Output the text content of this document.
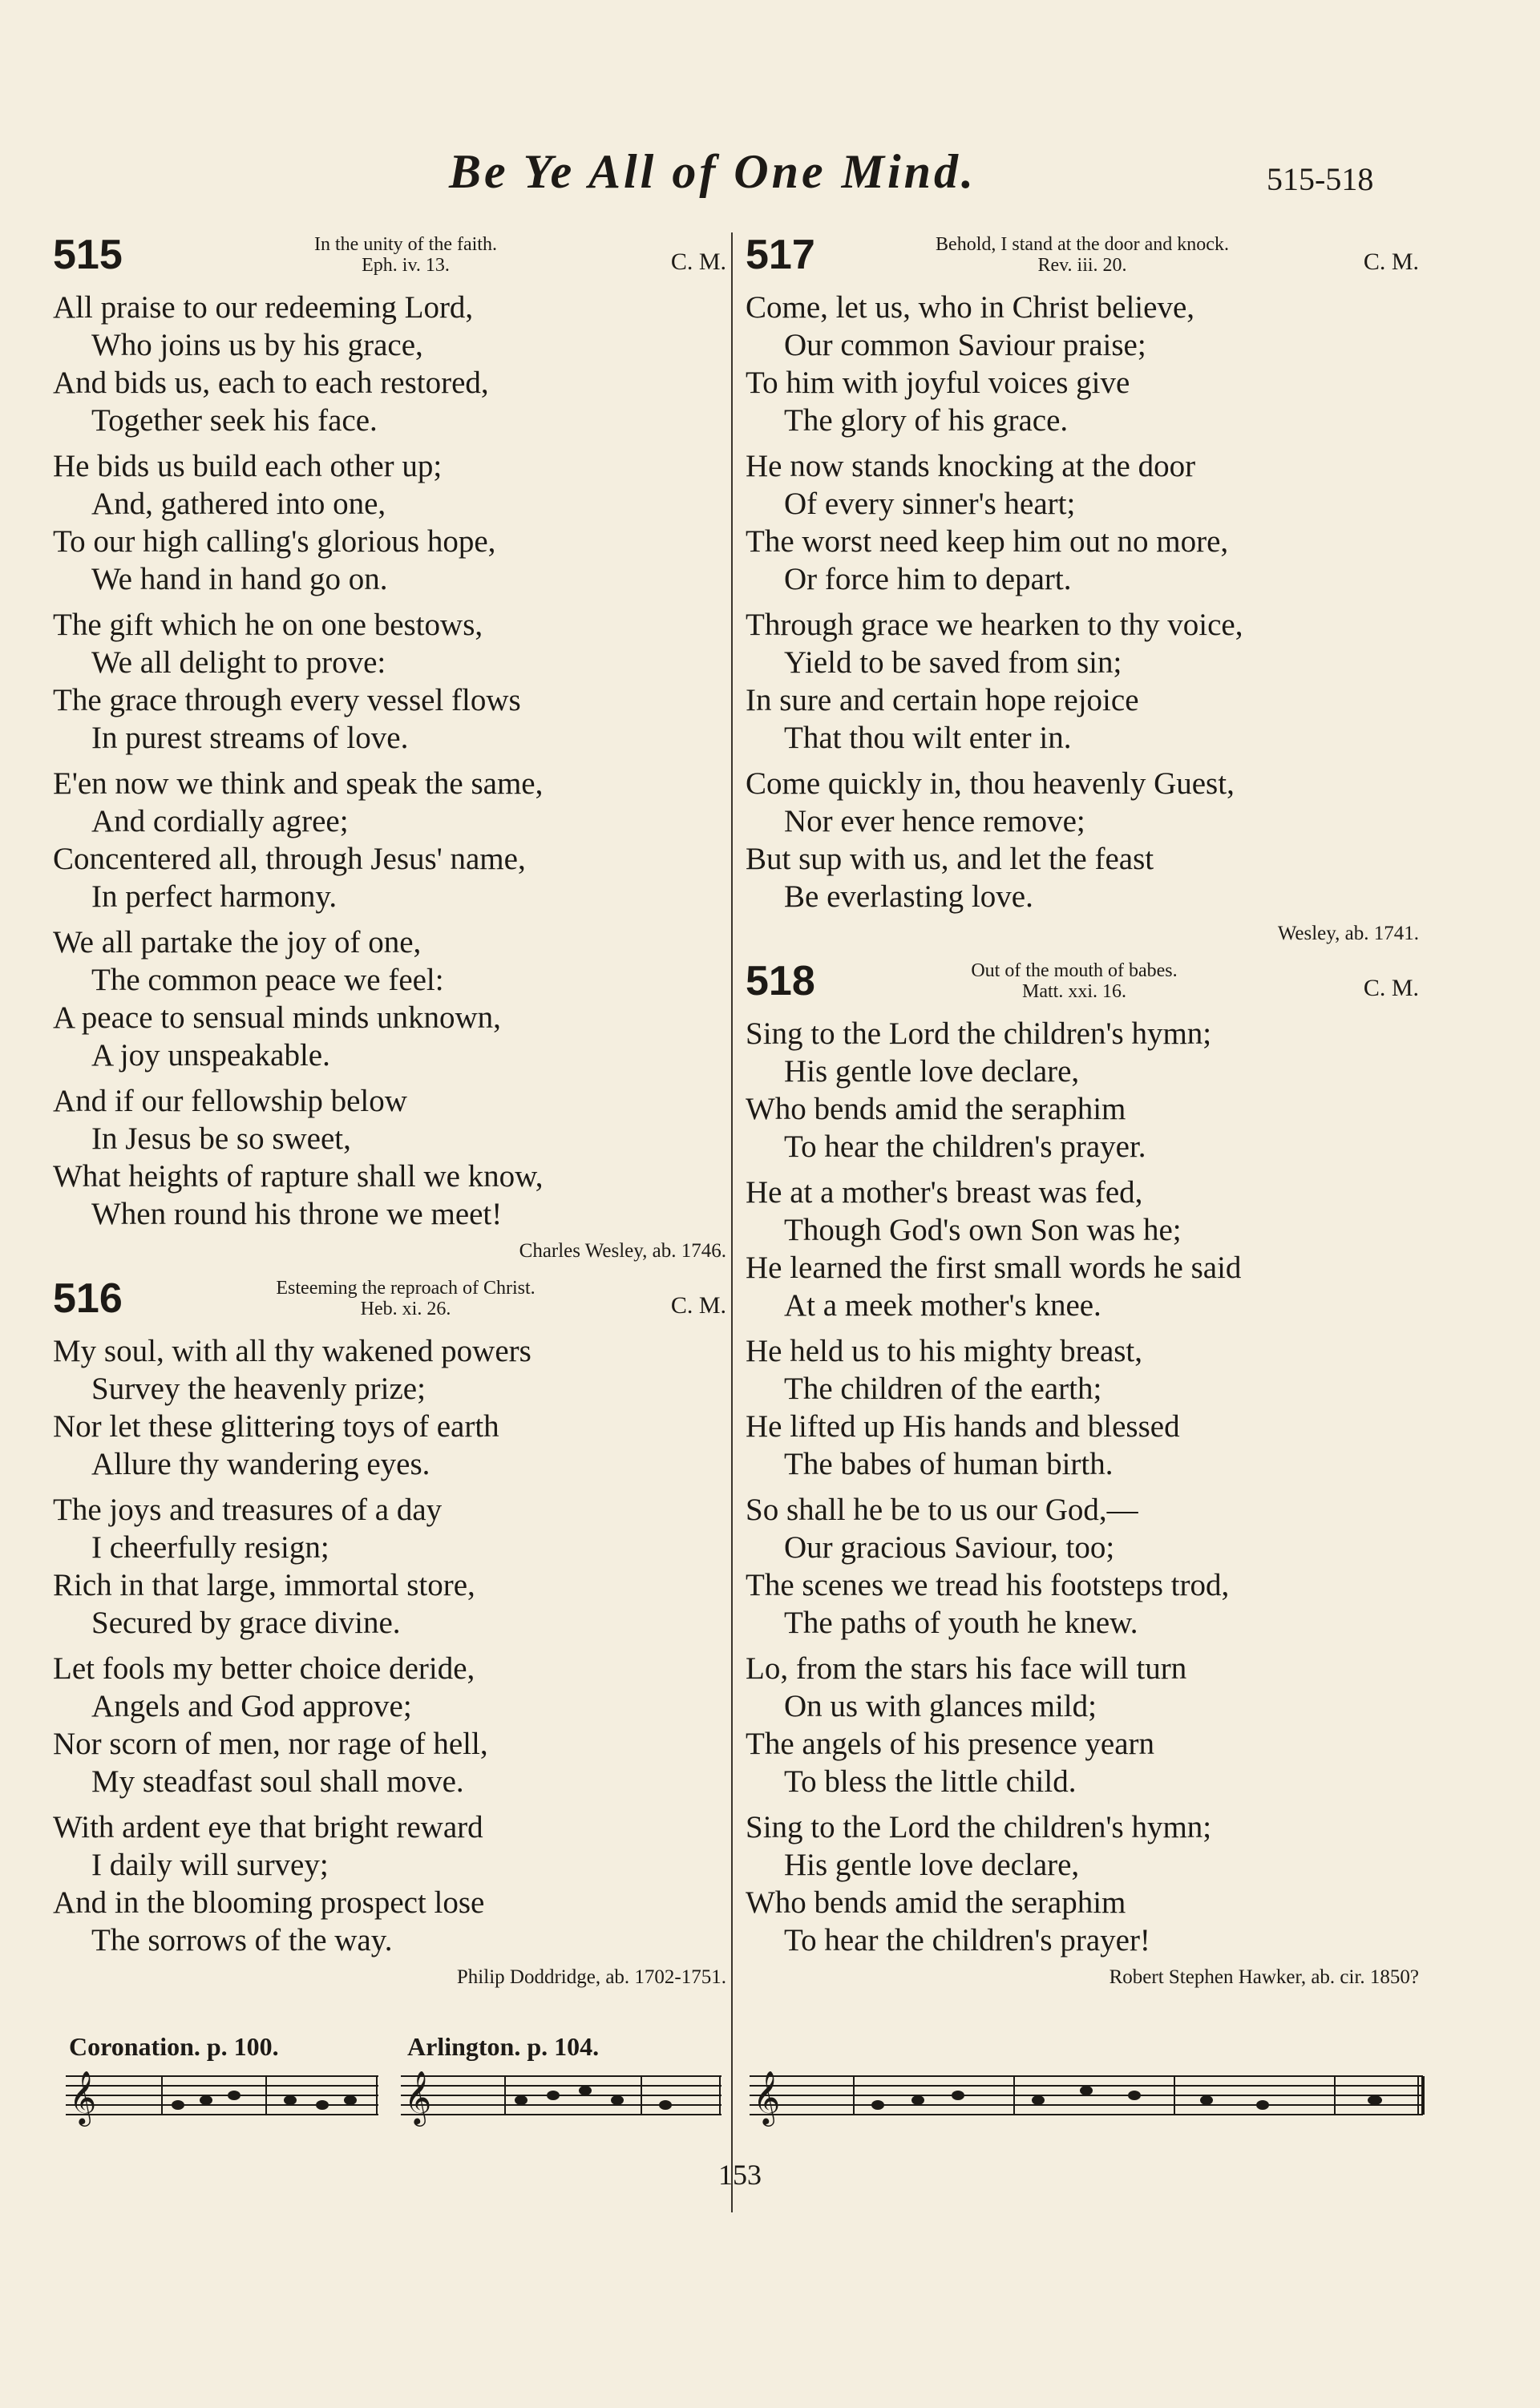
Be Ye All of One Mind.	515-518
515	In the unity of the faith.
Eph. iv. 13.	C. M.
All praise to our redeeming Lord,
Who joins us by his grace,
And bids us, each to each restored,
Together seek his face.
He bids us build each other up;
And, gathered into one,
To our high calling's glorious hope,
We hand in hand go on.
The gift which he on one bestows,
We all delight to prove:
The grace through every vessel flows
In purest streams of love.
E'en now we think and speak the same,
And cordially agree;
Concentered all, through Jesus' name,
In perfect harmony.
We all partake the joy of one,
The common peace we feel:
A peace to sensual minds unknown,
A joy unspeakable.
And if our fellowship below
In Jesus be so sweet,
What heights of rapture shall we know,
When round his throne we meet!
Charles Wesley, ab. 1746.
516	Esteeming the reproach of Christ.
Heb. xi. 26.	C. M.
My soul, with all thy wakened powers
Survey the heavenly prize;
Nor let these glittering toys of earth
Allure thy wandering eyes.
The joys and treasures of a day
I cheerfully resign;
Rich in that large, immortal store,
Secured by grace divine.
Let fools my better choice deride,
Angels and God approve;
Nor scorn of men, nor rage of hell,
My steadfast soul shall move.
With ardent eye that bright reward
I daily will survey;
And in the blooming prospect lose
The sorrows of the way.
Philip Doddridge, ab. 1702-1751.
517	Behold, I stand at the door and knock.
Rev. iii. 20.	C. M.
Come, let us, who in Christ believe,
Our common Saviour praise;
To him with joyful voices give
The glory of his grace.
He now stands knocking at the door
Of every sinner's heart;
The worst need keep him out no more,
Or force him to depart.
Through grace we hearken to thy voice,
Yield to be saved from sin;
In sure and certain hope rejoice
That thou wilt enter in.
Come quickly in, thou heavenly Guest,
Nor ever hence remove;
But sup with us, and let the feast
Be everlasting love.
Wesley, ab. 1741.
518	Out of the mouth of babes.
Matt. xxi. 16.	C. M.
Sing to the Lord the children's hymn;
His gentle love declare,
Who bends amid the seraphim
To hear the children's prayer.
He at a mother's breast was fed,
Though God's own Son was he;
He learned the first small words he said
At a meek mother's knee.
He held us to his mighty breast,
The children of the earth;
He lifted up His hands and blessed
The babes of human birth.
So shall he be to us our God,—
Our gracious Saviour, too;
The scenes we tread his footsteps trod,
The paths of youth he knew.
Lo, from the stars his face will turn
On us with glances mild;
The angels of his presence yearn
To bless the little child.
Sing to the Lord the children's hymn;
His gentle love declare,
Who bends amid the seraphim
To hear the children's prayer!
Robert Stephen Hawker, ab. cir. 1850?
Coronation. p. 100.	Arlington. p. 104.
𝄞	𝄞	𝄞
153
